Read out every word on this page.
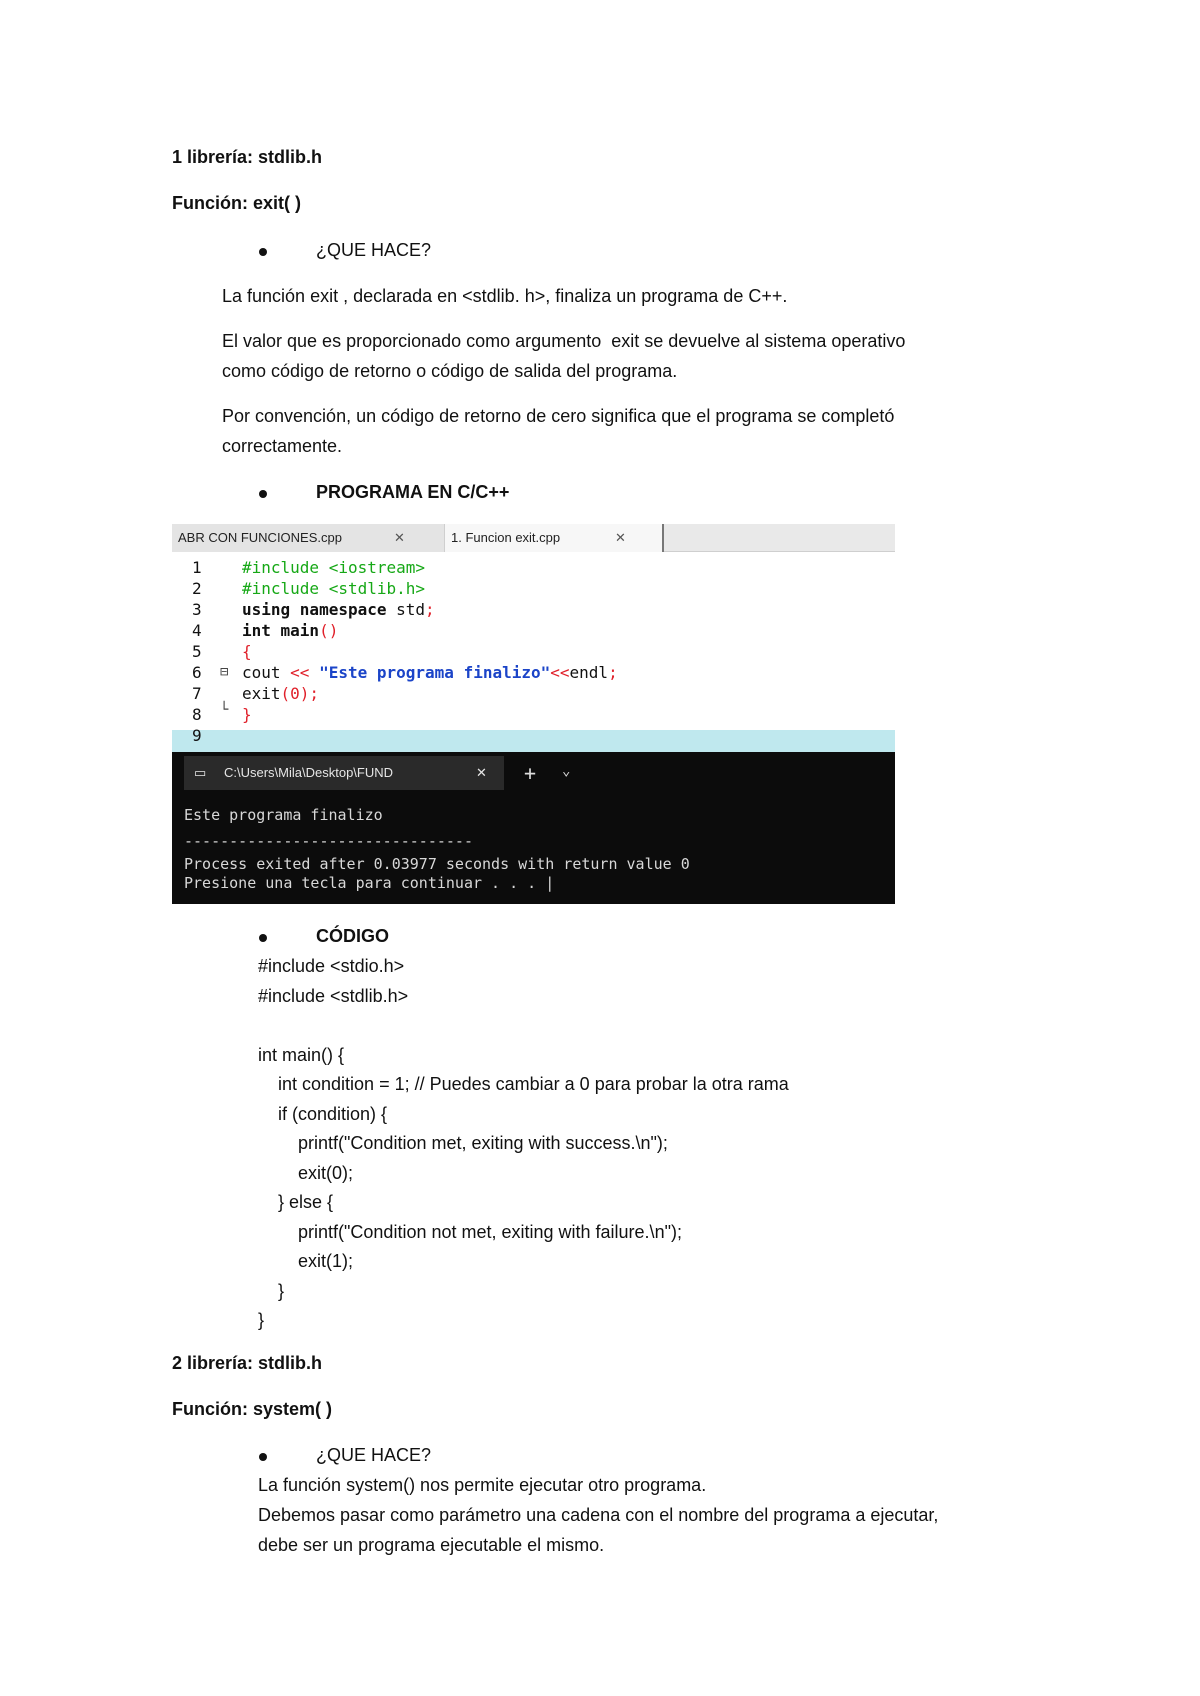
1 librería: stdlib.h
Función: exit( )
¿QUE HACE?
La función exit , declarada en <stdlib. h>, finaliza un programa de C++.
El valor que es proporcionado como argumento  exit se devuelve al sistema operativo
como código de retorno o código de salida del programa.
Por convención, un código de retorno de cero significa que el programa se completó
correctamente.
PROGRAMA EN C/C++
ABR CON FUNCIONES.cpp	✕	1. Funcion exit.cpp	✕
⊟
└
1	#include <iostream>
2	#include <stdlib.h>
3	using namespace std;
4	int main()
5	{
6	cout << "Este programa finalizo"<<endl;
7	exit(0);
8	}
9
▭ C:\Users\Mila\Desktop\FUND	✕ + ⌄
Este programa finalizo
--------------------------------
Process exited after 0.03977 seconds with return value 0
Presione una tecla para continuar . . . |
CÓDIGO
#include <stdio.h>
#include <stdlib.h>
int main() {
int condition = 1; // Puedes cambiar a 0 para probar la otra rama
if (condition) {
printf("Condition met, exiting with success.\n");
exit(0);
} else {
printf("Condition not met, exiting with failure.\n");
exit(1);
}
}
2 librería: stdlib.h
Función: system( )
¿QUE HACE?
La función system() nos permite ejecutar otro programa.
Debemos pasar como parámetro una cadena con el nombre del programa a ejecutar,
debe ser un programa ejecutable el mismo.
